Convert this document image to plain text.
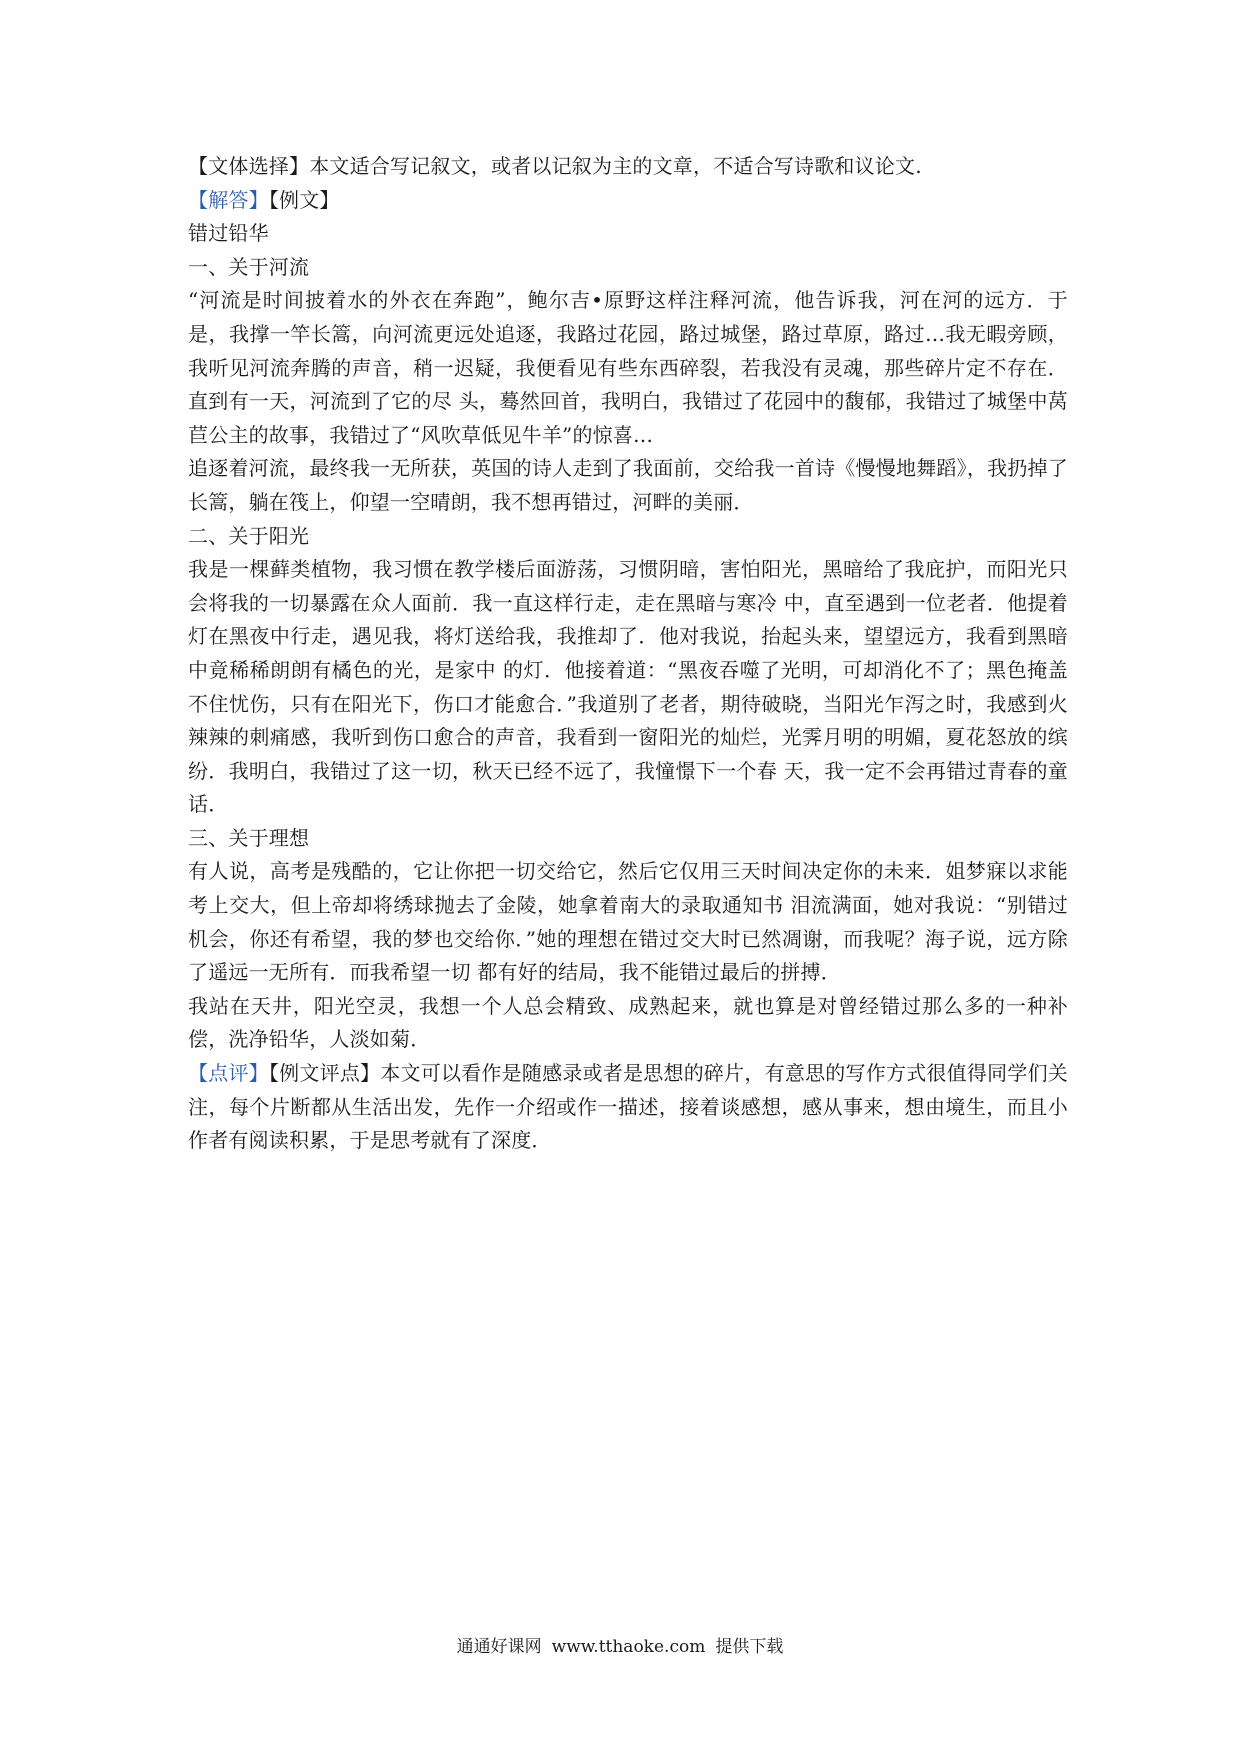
【文体选择】本文适合写记叙文，或者以记叙为主的文章，不适合写诗歌和议论文.
【解答】【例文】
错过铅华
一、关于河流
“河流是时间披着水的外衣在奔跑”，鲍尔吉•原野这样注释河流，他告诉我，河在河的远方．于是，我撑一竿长篙，向河流更远处追逐，我路过花园，路过城堡，路过草原，路过…我无暇旁顾，我听见河流奔腾的声音，稍一迟疑，我便看见有些东西碎裂，若我没有灵魂，那些碎片定不存在．直到有一天，河流到了它的尽 头，蓦然回首，我明白，我错过了花园中的馥郁，我错过了城堡中莴苣公主的故事，我错过了“风吹草低见牛羊”的惊喜…
追逐着河流，最终我一无所获，英国的诗人走到了我面前，交给我一首诗《慢慢地舞蹈》，我扔掉了长篙，躺在筏上，仰望一空晴朗，我不想再错过，河畔的美丽．
二、关于阳光
我是一棵藓类植物，我习惯在教学楼后面游荡，习惯阴暗，害怕阳光，黑暗给了我庇护，而阳光只会将我的一切暴露在众人面前．我一直这样行走，走在黑暗与寒冷 中，直至遇到一位老者．他提着灯在黑夜中行走，遇见我，将灯送给我，我推却了．他对我说，抬起头来，望望远方，我看到黑暗中竟稀稀朗朗有橘色的光，是家中 的灯．他接着道：“黑夜吞噬了光明，可却消化不了；黑色掩盖不住忧伤，只有在阳光下，伤口才能愈合．”我道别了老者，期待破晓，当阳光乍泻之时，我感到火 辣辣的刺痛感，我听到伤口愈合的声音，我看到一窗阳光的灿烂，光霁月明的明媚，夏花怒放的缤纷．我明白，我错过了这一切，秋天已经不远了，我憧憬下一个春 天，我一定不会再错过青春的童话．
三、关于理想
有人说，高考是残酷的，它让你把一切交给它，然后它仅用三天时间决定你的未来．姐梦寐以求能考上交大，但上帝却将绣球抛去了金陵，她拿着南大的录取通知书 泪流满面，她对我说：“别错过机会，你还有希望，我的梦也交给你．”她的理想在错过交大时已然凋谢，而我呢？海子说，远方除了遥远一无所有．而我希望一切 都有好的结局，我不能错过最后的拼搏．
我站在天井，阳光空灵，我想一个人总会精致、成熟起来，就也算是对曾经错过那么多的一种补偿，洗净铅华，人淡如菊．
【点评】【例文评点】本文可以看作是随感录或者是思想的碎片，有意思的写作方式很值得同学们关注，每个片断都从生活出发，先作一介绍或作一描述，接着谈感想，感从事来，想由境生，而且小作者有阅读积累，于是思考就有了深度．
通通好课网 www.tthaoke.com 提供下载
